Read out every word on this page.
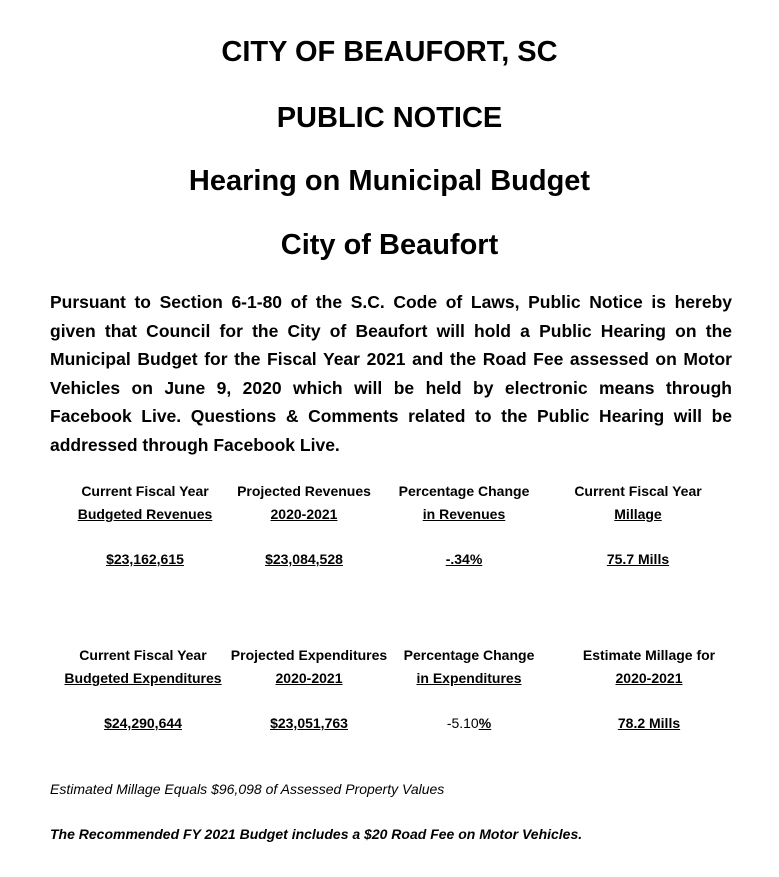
CITY OF BEAUFORT, SC
PUBLIC NOTICE
Hearing on Municipal Budget
City of Beaufort
Pursuant to Section 6-1-80 of the S.C. Code of Laws, Public Notice is hereby given that Council for the City of Beaufort will hold a Public Hearing on the Municipal Budget for the Fiscal Year 2021 and the Road Fee assessed on Motor Vehicles on June 9, 2020 which will be held by electronic means through Facebook Live. Questions & Comments related to the Public Hearing will be addressed through Facebook Live.
Current Fiscal Year
Budgeted Revenues
$23,162,615
Projected Revenues
2020-2021
$23,084,528
Percentage Change
in Revenues
-.34%
Current Fiscal Year
Millage
75.7 Mills
Current Fiscal Year
Budgeted Expenditures
$24,290,644
Projected Expenditures
2020-2021
$23,051,763
Percentage Change
in Expenditures
-5.10%
Estimate Millage for
2020-2021
78.2 Mills
Estimated Millage Equals $96,098 of Assessed Property Values
The Recommended FY 2021 Budget includes a $20 Road Fee on Motor Vehicles.
